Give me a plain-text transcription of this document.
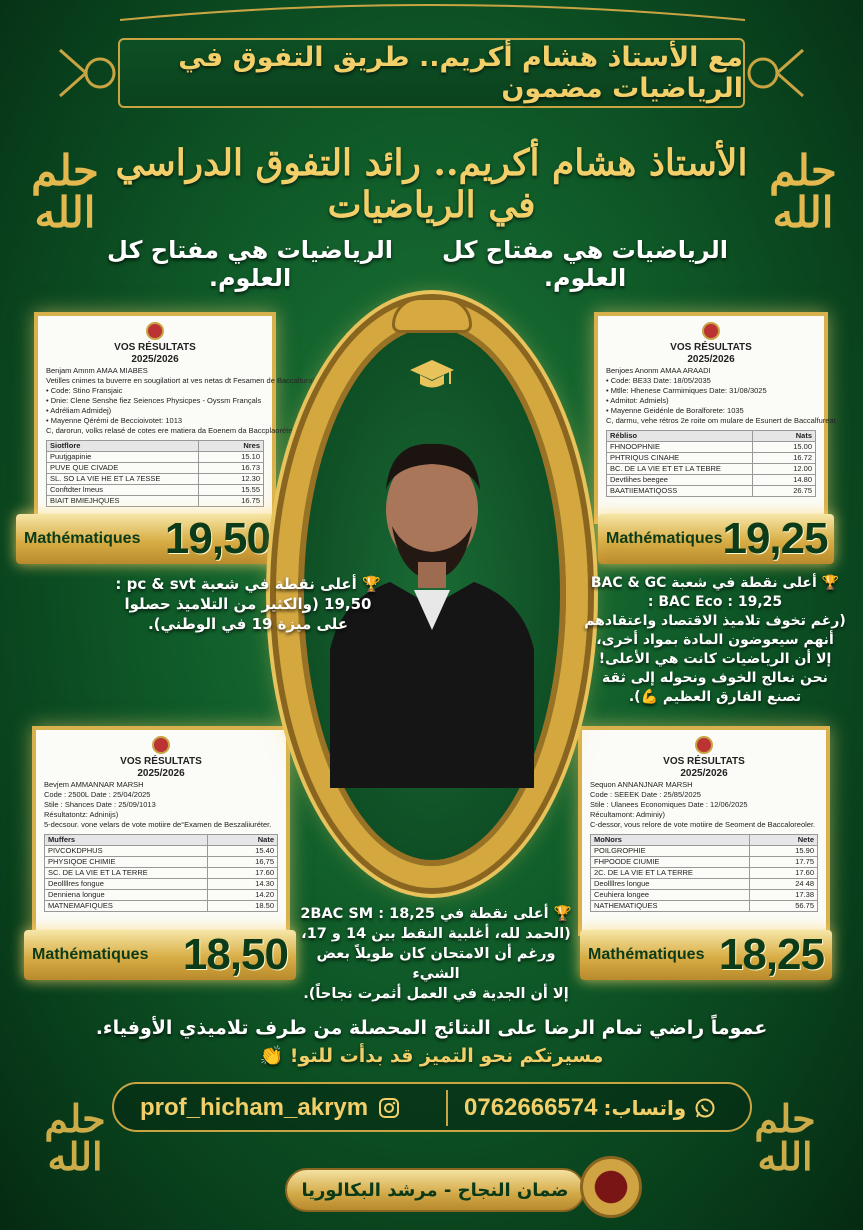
مع الأستاذ هشام أكريم.. طريق التفوق في الرياضيات مضمون
حلم الله
حلم الله
الأستاذ هشام أكريم.. رائد التفوق الدراسي في الرياضيات
الرياضيات هي مفتاح كل العلوم.
الرياضيات هي مفتاح كل العلوم.
VOS RÉSULTATS
2025/2026
Benjam Amnm AMAA MIABES
Vetilles cnimes ta buverre en sougilatiort at ves netas dt Fesamen de Baccalturalé-
• Code: Stino Fransjaic
• Dnie: Clene Senshe fiez Seiences Physicpes - Oyssm Françals
• Adréliam Admidej)
• Mayenne Qérémi de Beccioivotet: 1013
C, darorun, volks relasé de cotes ere matiera da Eoenem da Baccplaoréte.
Siotflore	Nres
Puutjgapinie	15.10
PUVE QUE CIVADE	16.73
SL. SO LA VIE HE ET LA 7ESSE	12.30
Conftdter lmeus	15.55
BIAIT BMIEJHQUES	16.75
Mathématiques 19,50
VOS RÉSULTATS
2025/2026
Benjoes Anonm AMAA ARAADI
• Code: BE33 Date: 18/05/2035
• Mtlle: Hhenese Carmimiques Date: 31/08/3025
• Admitot: Admiels)
• Mayenne Geidénle de Boralforete: 1035
C, darmu, vehe rétros 2e roite om mulare de Esunert de Baccalfureat.
Rébliso	Nats
FHNOOPHNIE	15.00
PHTRIQUS CINAHE	16.72
BC. DE LA VIE ET ET LA TEBRE	12.00
Devtlihes beegee	14.80
BAATIIEMATIQOSS	26.75
Mathématiques 19,25
VOS RÉSULTATS
2025/2026
Bevjem AMMANNAR MARSH
Code : 2500L Date : 25/04/2025
Stile : Shances Date : 25/09/1013
Résultatontz: Adninijs)
5-decsour. vone velars de vote motiire de°Examen de Beszaliiuréter.
Muffers	Nate
PIVCOKDPHUS	15.40
PHYSIQOE CHIMIE	16,75
SC. DE LA VIE ET LA TERRE	17.60
Deollllres fongue	14.30
Denniena longue	14.20
MATNEMAFIQUES	18.50
Mathématiques 18,50
VOS RÉSULTATS
2025/2026
Sequon ANNANJNAR MARSH
Code : SEEEK Date : 25/85/2025
Stile : Ulanees Economiques Date : 12/06/2025
Récultamont: Adminiy)
C-dessor, vous relore de vote motiire de Seoment de Baccaloreoler.
MoNors	Nete
POILGROPHIE	15.90
FHPOODE CIUMIE	17.75
2C. DE LA VIE ET LA TERRE	17.60
Deollllres longue	24 48
Ceuhiera longee	17.38
NATHEMATIQUES	56.75
Mathématiques 18,25
🏆 أعلى نقطة في شعبة pc & svt :
19,50 (والكثير من التلاميذ حصلوا
على ميزة 19 في الوطني).
🏆 أعلى نقطة في شعبة BAC & GC
19,25 : BAC Eco :
(رغم تخوف تلاميذ الاقتصاد واعتقادهم
أنهم سيعوضون المادة بمواد أخرى،
إلا أن الرياضيات كانت هي الأعلى!
نحن نعالج الخوف ونحوله إلى ثقة
تصنع الفارق العظيم 💪).
🏆 أعلى نقطة في 2BAC SM : 18,25
(الحمد لله، أغلبية النقط بين 14 و 17،
ورغم أن الامتحان كان طويلاً بعض الشيء
إلا أن الجدية في العمل أثمرت نجاحاً).
عموماً راضي تمام الرضا على النتائج المحصلة من طرف تلاميذي الأوفياء.
مسيرتكم نحو التميز قد بدأت للتو! 👏
prof_hicham_akrym	0762666574 واتساب:
حلم الله
حلم الله
ضمان النجاح - مرشد البكالوريا
